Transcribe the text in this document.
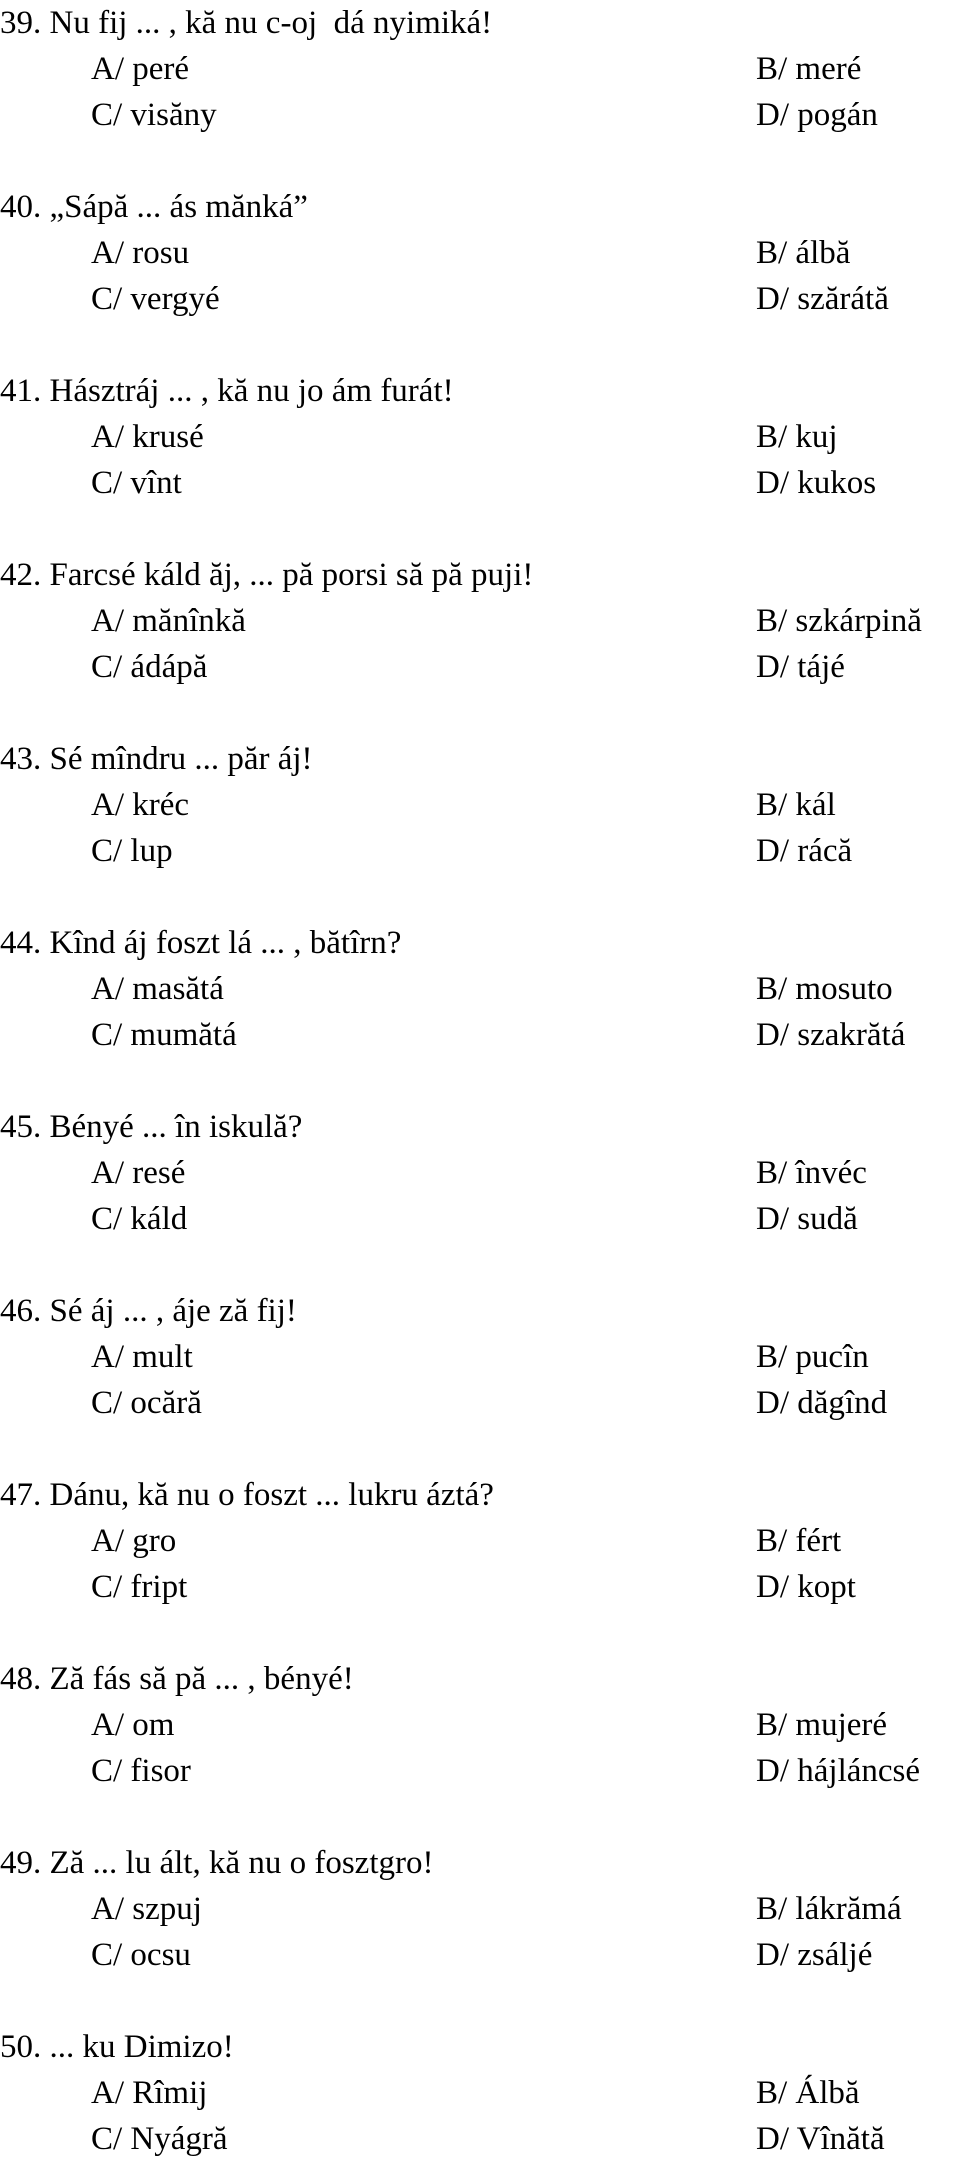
39. Nu fij ... , kă nu c-oj  dá nyimiká!
A/ peré	B/ meré
C/ visăny	D/ pogán
40. „Sápă ... ás mănká”
A/ rosu	B/ álbă
C/ vergyé	D/ szărátă
41. Hásztráj ... , kă nu jo ám furát!
A/ krusé	B/ kuj
C/ vînt	D/ kukos
42. Farcsé káld ăj, ... pă porsi să pă puji!
A/ mănînkă	B/ szkárpină
C/ ádápă	D/ tájé
43. Sé mîndru ... păr áj!
A/ kréc	B/ kál
C/ lup	D/ rácă
44. Kînd áj foszt lá ... , bătîrn?
A/ masătá	B/ mosuto
C/ mumătá	D/ szakrătá
45. Bényé ... în iskulă?
A/ resé	B/ învéc
C/ káld	D/ sudă
46. Sé áj ... , áje ză fij!
A/ mult	B/ pucîn
C/ ocără	D/ dăgînd
47. Dánu, kă nu o foszt ... lukru áztá?
A/ gro	B/ fért
C/ fript	D/ kopt
48. Ză fás să pă ... , bényé!
A/ om	B/ mujeré
C/ fisor	D/ hájláncsé
49. Ză ... lu ált, kă nu o fosztgro!
A/ szpuj	B/ lákrămá
C/ ocsu	D/ zsáljé
50. ... ku Dimizo!
A/ Rîmij	B/ Álbă
C/ Nyágră	D/ Vînătă
